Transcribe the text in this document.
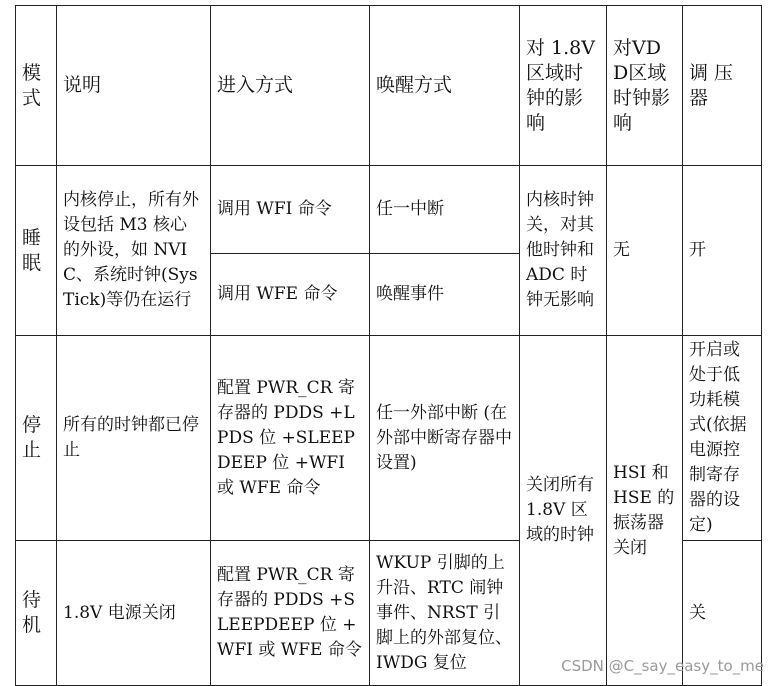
模式	说明	进入方式	唤醒方式	对 1.8V 区域时钟的影响	对VDD区域时钟影响	调 压 器
睡眠	内核停止，所有外设包括 M3 核心的外设，如 NVIC、系统时钟(SysTick)等仍在运行	调用 WFI 命令	任一中断	内核时钟关，对其他时钟和 ADC 时钟无影响	无	开
		调用 WFE 命令	唤醒事件			
停止	所有的时钟都已停止	配置 PWR_CR 寄存器的 PDDS +LPDS 位 +SLEEPDEEP 位 +WFI 或 WFE 命令	任一外部中断 (在外部中断寄存器中设置)	关闭所有 1.8V 区域的时钟	HSI 和 HSE 的振荡器关闭	开启或处于低功耗模式(依据电源控制寄存器的设定)
待机	1.8V 电源关闭	配置 PWR_CR 寄存器的 PDDS +SLEEPDEEP 位 +WFI 或 WFE 命令	WKUP 引脚的上升沿、RTC 闹钟事件、NRST 引脚上的外部复位、IWDG 复位			关
CSDN @C_say_easy_to_me
